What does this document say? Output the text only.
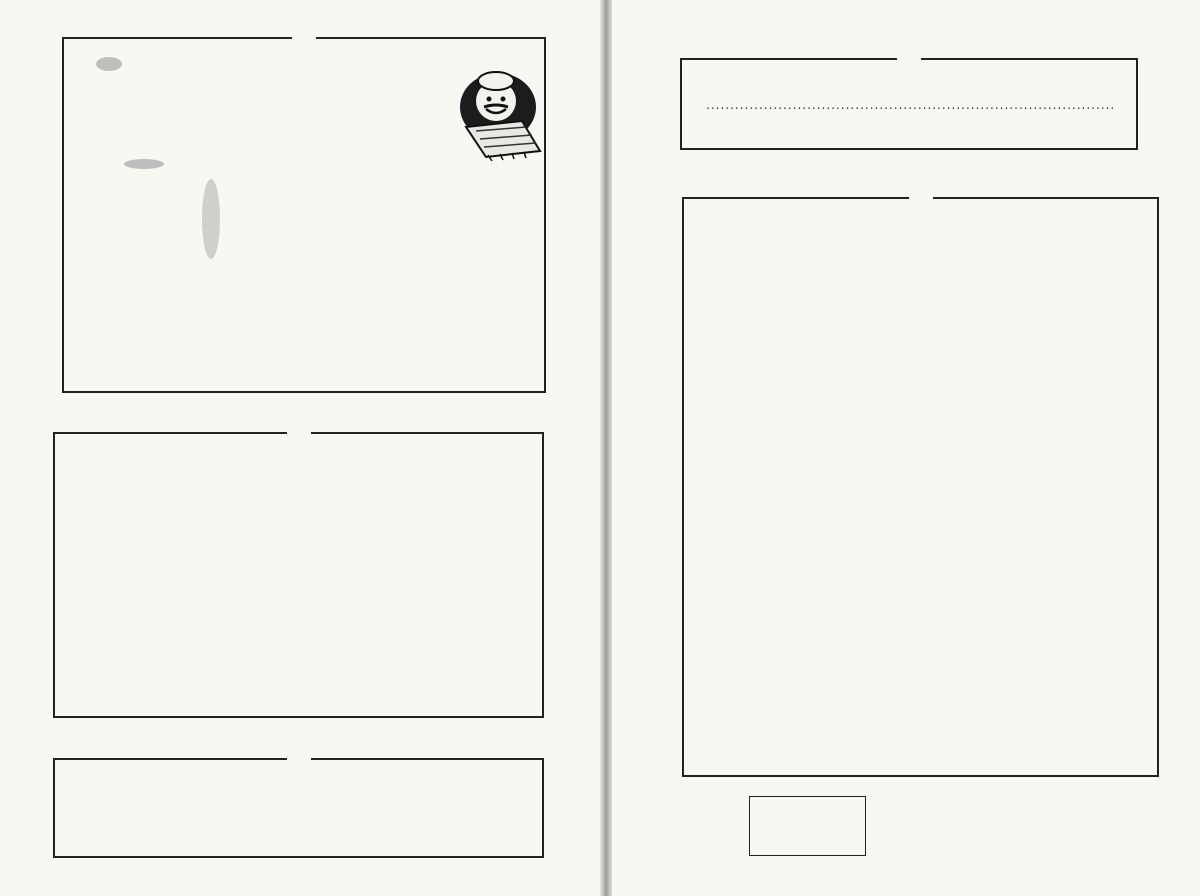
.....
